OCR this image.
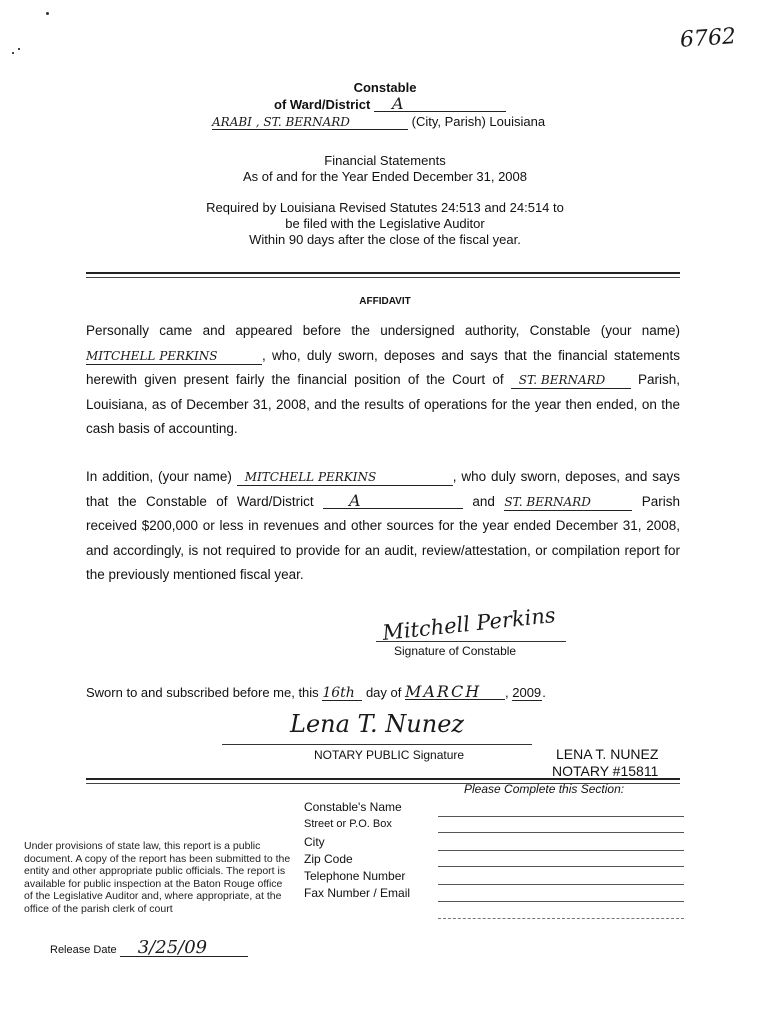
6762
Constable
of Ward/District A
ARABI , ST. BERNARD	(City, Parish) Louisiana
Financial Statements
As of and for the Year Ended December 31, 2008
Required by Louisiana Revised Statutes 24:513 and 24:514 to
be filed with the Legislative Auditor
Within 90 days after the close of the fiscal year.
AFFIDAVIT
Personally came and appeared before the undersigned authority, Constable (your name) MITCHELL PERKINS	, who, duly sworn, deposes and says that the financial statements herewith given present fairly the financial position of the Court of ST. BERNARD Parish, Louisiana, as of December 31, 2008, and the results of operations for the year then ended, on the cash basis of accounting.
In addition, (your name) MITCHELL PERKINS	, who duly sworn, deposes, and says that the Constable of Ward/District A	and ST. BERNARD	Parish received $200,000 or less in revenues and other sources for the year ended December 31, 2008, and accordingly, is not required to provide for an audit, review/attestation, or compilation report for the previously mentioned fiscal year.
Mitchell Perkins
Signature of Constable
Sworn to and subscribed before me, this 16th day of MARCH , 2009.
Lena T. Nunez
NOTARY PUBLIC Signature	LENA T. NUNEZ
NOTARY #15811
Please Complete this Section:
Constable's Name
Street or P.O. Box
City
Zip Code
Telephone Number
Fax Number / Email
Under provisions of state law, this report is a public document. A copy of the report has been submitted to the entity and other appropriate public officials. The report is available for public inspection at the Baton Rouge office of the Legislative Auditor and, where appropriate, at the office of the parish clerk of court
Release Date 3/25/09
